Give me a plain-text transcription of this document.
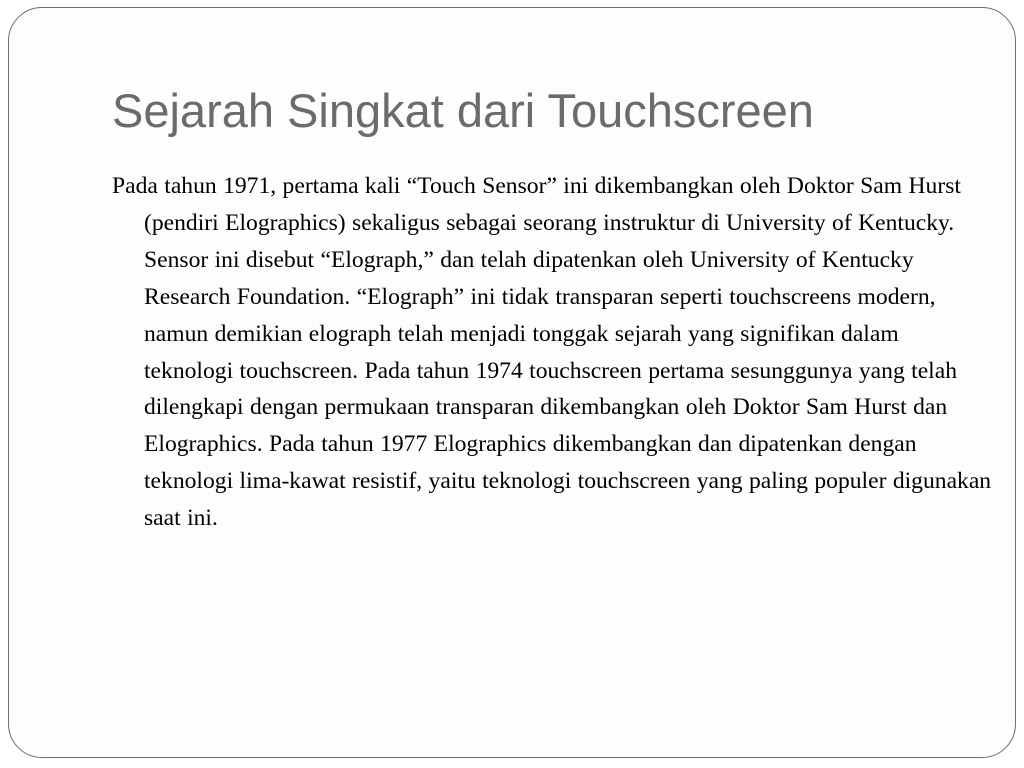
Sejarah Singkat dari Touchscreen

Pada tahun 1971, pertama kali “Touch Sensor” ini dikembangkan oleh Doktor Sam Hurst (pendiri Elographics) sekaligus sebagai seorang instruktur di University of Kentucky. Sensor ini disebut “Elograph,” dan telah dipatenkan oleh University of Kentucky Research Foundation. “Elograph” ini tidak transparan seperti touchscreens modern, namun demikian elograph telah menjadi tonggak sejarah yang signifikan dalam teknologi touchscreen. Pada tahun 1974 touchscreen pertama sesunggunya yang telah dilengkapi dengan permukaan transparan dikembangkan oleh Doktor Sam Hurst dan Elographics. Pada tahun 1977 Elographics dikembangkan dan dipatenkan dengan teknologi lima-kawat resistif, yaitu teknologi touchscreen yang paling populer digunakan saat ini.
